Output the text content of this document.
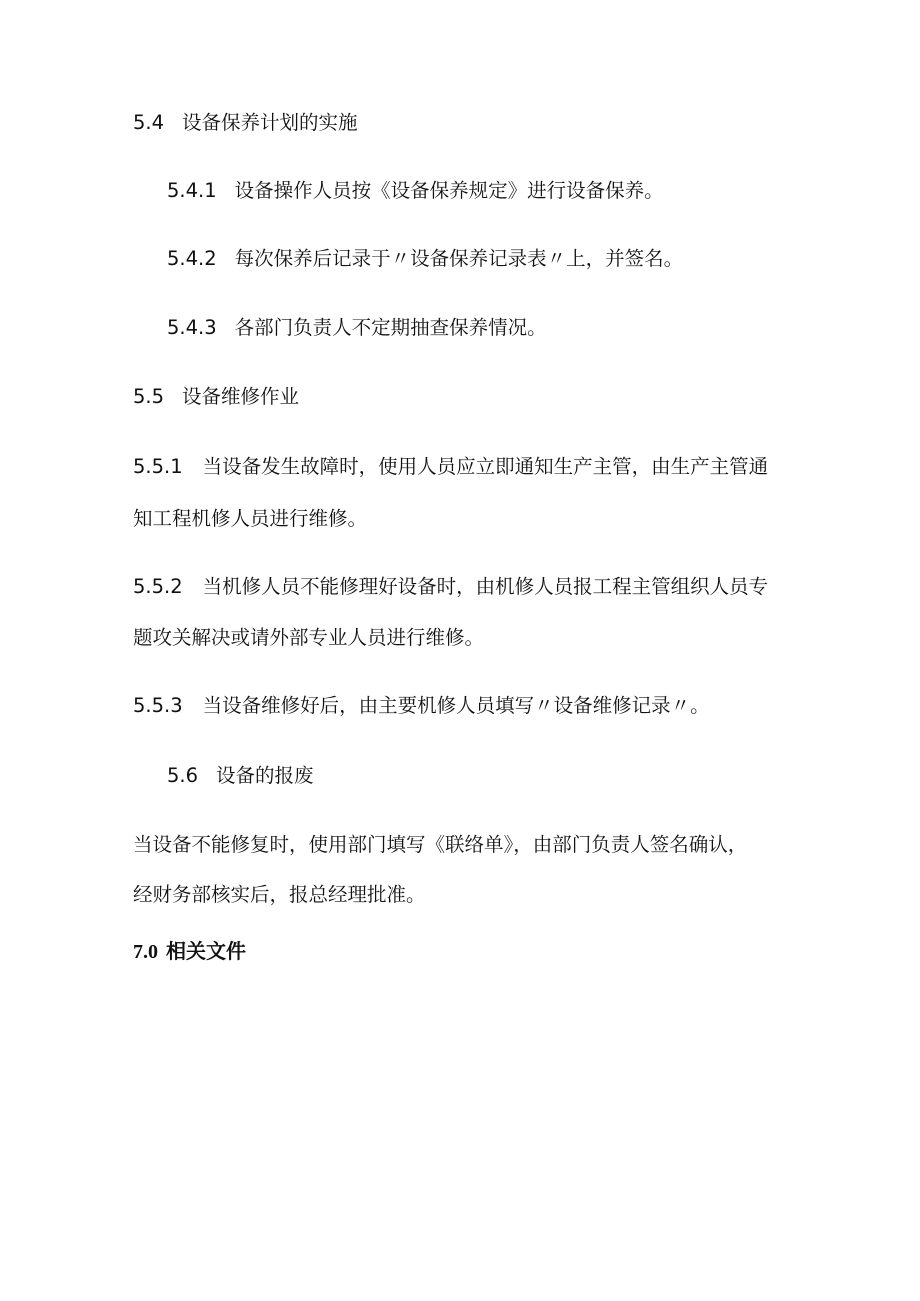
5.4 设备保养计划的实施
5.4.1 设备操作人员按《设备保养规定》进行设备保养。
5.4.2 每次保养后记录于〃设备保养记录表〃上，并签名。
5.4.3 各部门负责人不定期抽查保养情况。
5.5 设备维修作业
5.5.1 当设备发生故障时，使用人员应立即通知生产主管，由生产主管通
知工程机修人员进行维修。
5.5.2 当机修人员不能修理好设备时，由机修人员报工程主管组织人员专
题攻关解决或请外部专业人员进行维修。
5.5.3 当设备维修好后，由主要机修人员填写〃设备维修记录〃。
5.6 设备的报废
当设备不能修复时，使用部门填写《联络单》，由部门负责人签名确认，
经财务部核实后，报总经理批准。
7.0 相关文件
